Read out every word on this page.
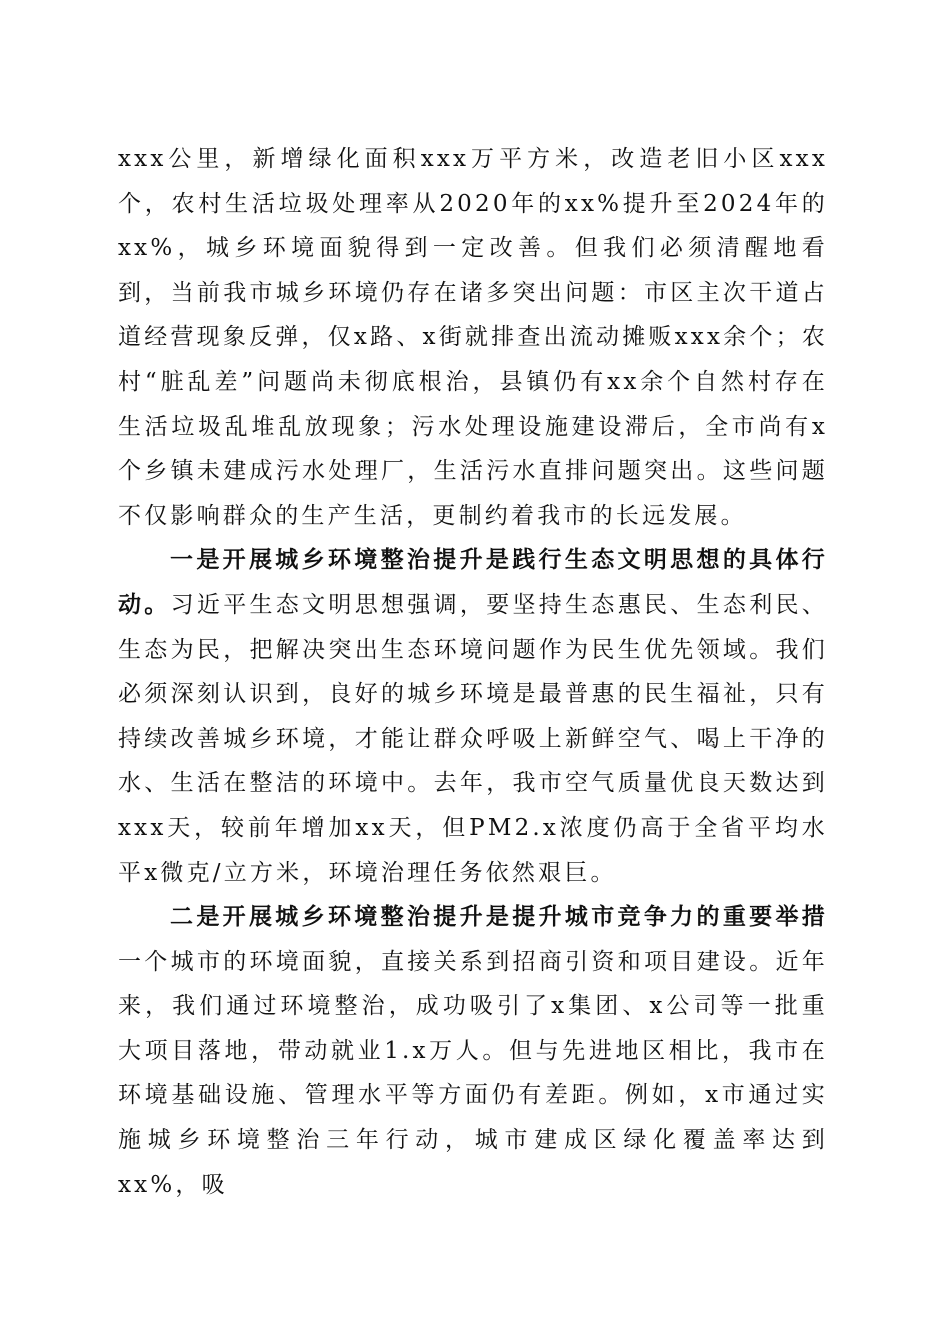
xxx公里，新增绿化面积xxx万平方米，改造老旧小区xxx个，农村生活垃圾处理率从2020年的xx%提升至2024年的xx%，城乡环境面貌得到一定改善。但我们必须清醒地看到，当前我市城乡环境仍存在诸多突出问题：市区主次干道占道经营现象反弹，仅x路、x街就排查出流动摊贩xxx余个；农村“脏乱差”问题尚未彻底根治，县镇仍有xx余个自然村存在生活垃圾乱堆乱放现象；污水处理设施建设滞后，全市尚有x个乡镇未建成污水处理厂，生活污水直排问题突出。这些问题不仅影响群众的生产生活，更制约着我市的长远发展。

一是开展城乡环境整治提升是践行生态文明思想的具体行动。习近平生态文明思想强调，要坚持生态惠民、生态利民、生态为民，把解决突出生态环境问题作为民生优先领域。我们必须深刻认识到，良好的城乡环境是最普惠的民生福祉，只有持续改善城乡环境，才能让群众呼吸上新鲜空气、喝上干净的水、生活在整洁的环境中。去年，我市空气质量优良天数达到xxx天，较前年增加xx天，但PM2.x浓度仍高于全省平均水平x微克/立方米，环境治理任务依然艰巨。

二是开展城乡环境整治提升是提升城市竞争力的重要举措一个城市的环境面貌，直接关系到招商引资和项目建设。近年来，我们通过环境整治，成功吸引了x集团、x公司等一批重大项目落地，带动就业1.x万人。但与先进地区相比，我市在环境基础设施、管理水平等方面仍有差距。例如，x市通过实施城乡环境整治三年行动，城市建成区绿化覆盖率达到xx%，吸
